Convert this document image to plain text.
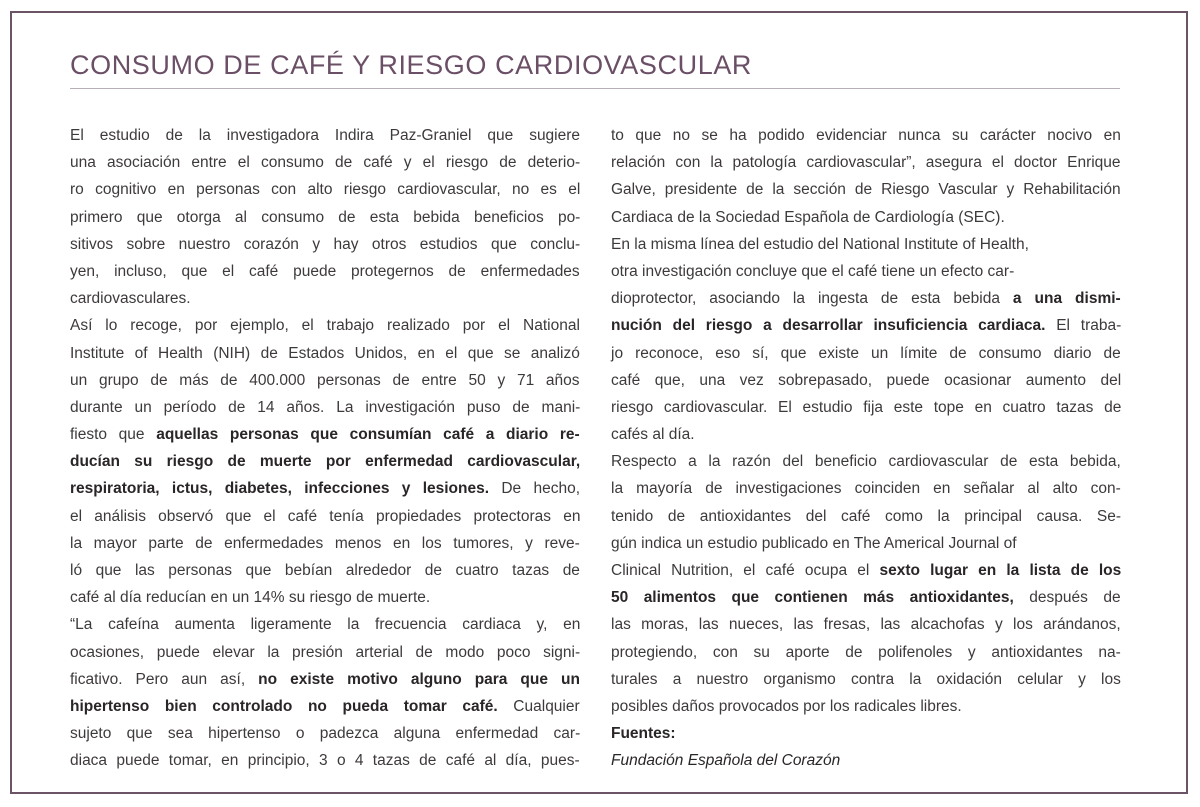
CONSUMO DE CAFÉ Y RIESGO CARDIOVASCULAR
El estudio de la investigadora Indira Paz-Graniel que sugiere
una asociación entre el consumo de café y el riesgo de deterio-
ro cognitivo en personas con alto riesgo cardiovascular, no es el
primero que otorga al consumo de esta bebida beneficios po-
sitivos sobre nuestro corazón y hay otros estudios que conclu-
yen, incluso, que el café puede protegernos de enfermedades
cardiovasculares.
Así lo recoge, por ejemplo, el trabajo realizado por el National
Institute of Health (NIH) de Estados Unidos, en el que se analizó
un grupo de más de 400.000 personas de entre 50 y 71 años
durante un período de 14 años. La investigación puso de mani-
fiesto que aquellas personas que consumían café a diario re-
ducían su riesgo de muerte por enfermedad cardiovascular,
respiratoria, ictus, diabetes, infecciones y lesiones. De hecho,
el análisis observó que el café tenía propiedades protectoras en
la mayor parte de enfermedades menos en los tumores, y reve-
ló que las personas que bebían alrededor de cuatro tazas de
café al día reducían en un 14% su riesgo de muerte.
“La cafeína aumenta ligeramente la frecuencia cardiaca y, en
ocasiones, puede elevar la presión arterial de modo poco signi-
ficativo. Pero aun así, no existe motivo alguno para que un
hipertenso bien controlado no pueda tomar café. Cualquier
sujeto que sea hipertenso o padezca alguna enfermedad car-
diaca puede tomar, en principio, 3 o 4 tazas de café al día, pues-
to que no se ha podido evidenciar nunca su carácter nocivo en
relación con la patología cardiovascular”, asegura el doctor Enrique
Galve, presidente de la sección de Riesgo Vascular y Rehabilitación
Cardiaca de la Sociedad Española de Cardiología (SEC).
En la misma línea del estudio del National Institute of Health,
otra investigación concluye que el café tiene un efecto car-
dioprotector, asociando la ingesta de esta bebida a una dismi-
nución del riesgo a desarrollar insuficiencia cardiaca. El traba-
jo reconoce, eso sí, que existe un límite de consumo diario de
café que, una vez sobrepasado, puede ocasionar aumento del
riesgo cardiovascular. El estudio fija este tope en cuatro tazas de
cafés al día.
Respecto a la razón del beneficio cardiovascular de esta bebida,
la mayoría de investigaciones coinciden en señalar al alto con-
tenido de antioxidantes del café como la principal causa. Se-
gún indica un estudio publicado en The Americal Journal of
Clinical Nutrition, el café ocupa el sexto lugar en la lista de los
50 alimentos que contienen más antioxidantes, después de
las moras, las nueces, las fresas, las alcachofas y los arándanos,
protegiendo, con su aporte de polifenoles y antioxidantes na-
turales a nuestro organismo contra la oxidación celular y los
posibles daños provocados por los radicales libres.
Fuentes:
Fundación Española del Corazón
